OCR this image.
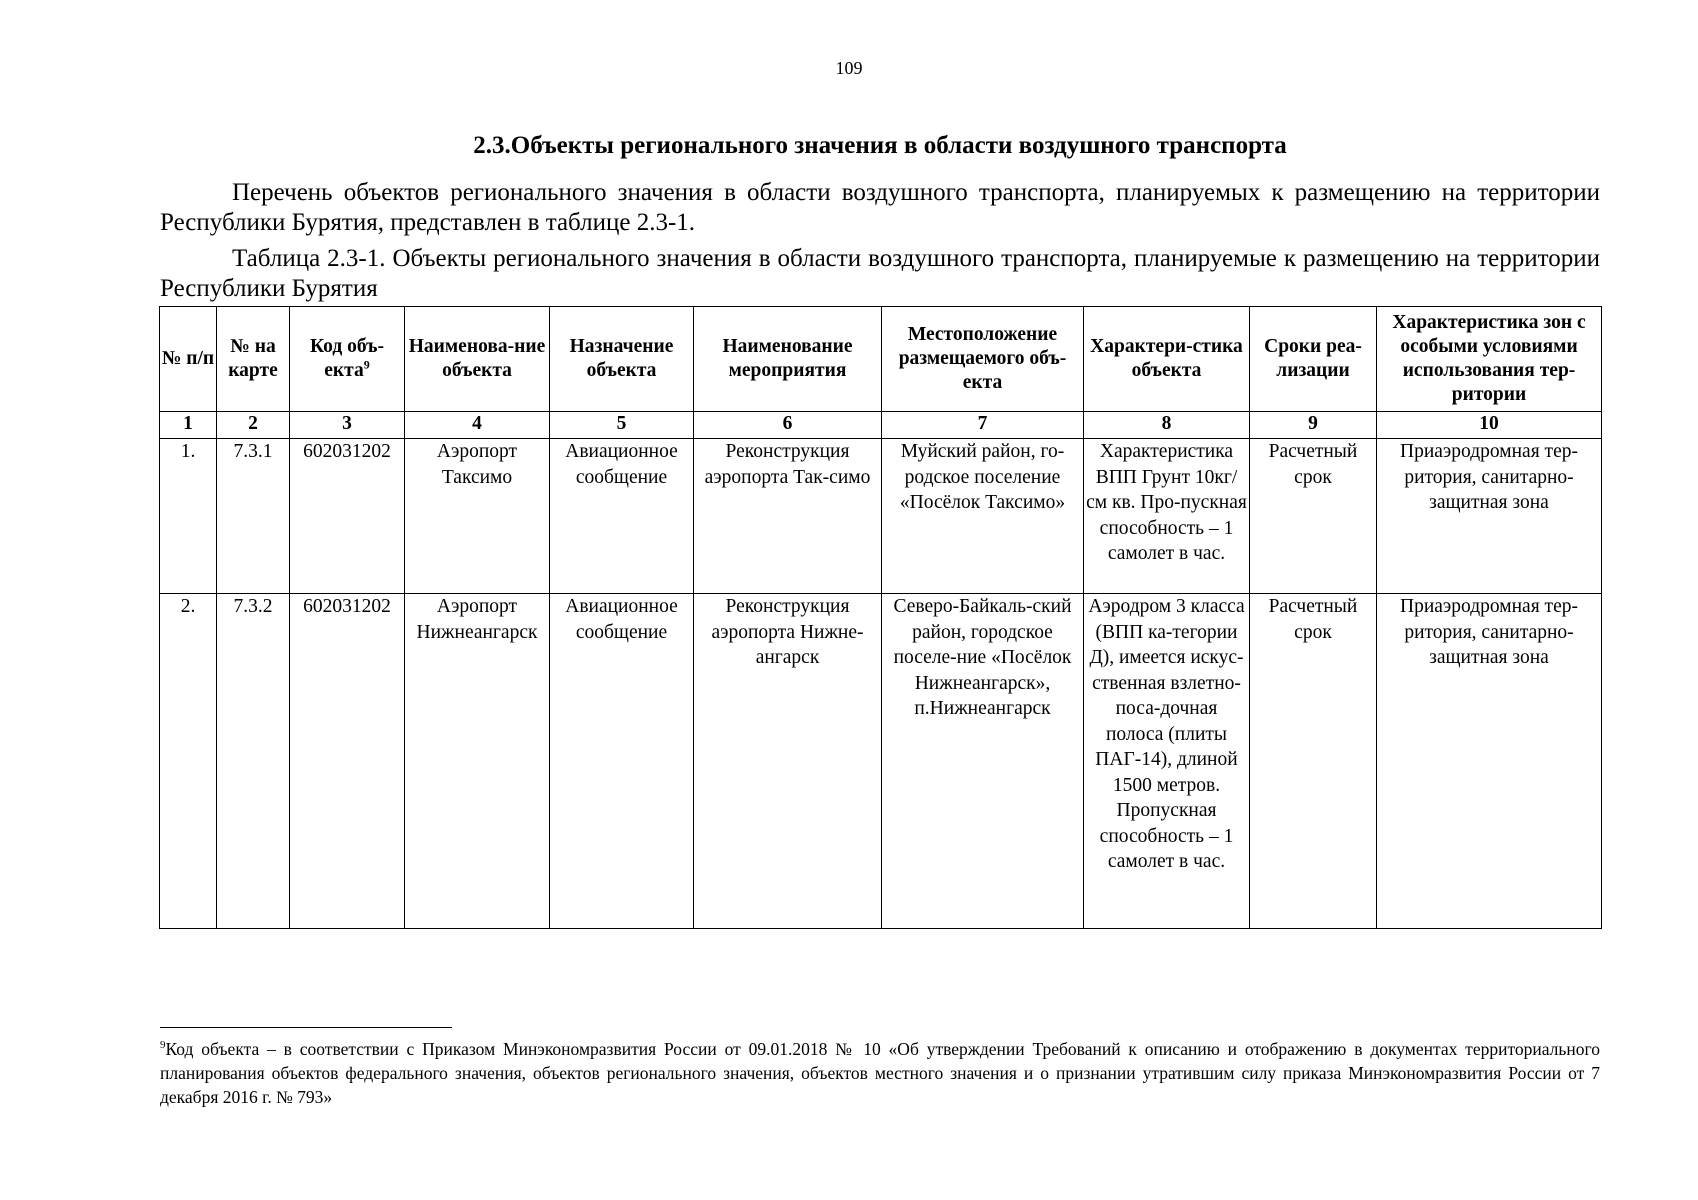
109
2.3.Объекты регионального значения в области воздушного транспорта
Перечень объектов регионального значения в области воздушного транспорта, планируемых к размещению на территории Республики Бурятия, представлен в таблице 2.3-1.
Таблица 2.3-1. Объекты регионального значения в области воздушного транспорта, планируемые к размещению на территории Республики Бурятия
№ п/п	№ на карте	Код объ-екта$^9$	Наименова-ние объекта	Назначение объекта	Наименование мероприятия	Местоположение размещаемого объ-екта	Характери-стика объекта	Сроки реа-лизации	Характеристика зон с особыми условиями использования тер-ритории
1	2	3	4	5	6	7	8	9	10
1.	7.3.1	602031202	Аэропорт Таксимо	Авиационное сообщение	Реконструкция аэропорта Так-симо	Муйский район, го-родское поселение «Посёлок Таксимо»	Характеристика ВПП Грунт 10кг/см кв. Про-пускная способность – 1 самолет в час.	Расчетный срок	Приаэродромная тер-ритория, санитарно-защитная зона
2.	7.3.2	602031202	Аэропорт Нижнеангарск	Авиационное сообщение	Реконструкция аэропорта Нижне-ангарск	Северо-Байкаль-ский район, городское поселе-ние «Посёлок Нижнеангарск», п.Нижнеангарск	Аэродром 3 класса (ВПП ка-тегории Д), имеется искус-ственная взлетно-поса-дочная полоса (плиты ПАГ-14), длиной 1500 метров. Пропускная способность – 1 самолет в час.	Расчетный срок	Приаэродромная тер-ритория, санитарно-защитная зона
$^9$Код объекта – в соответствии с Приказом Минэкономразвития России от 09.01.2018 № 10 «Об утверждении Требований к описанию и отображению в документах территориального планирования объектов федерального значения, объектов регионального значения, объектов местного значения и о признании утратившим силу приказа Минэкономразвития России от 7 декабря 2016 г. № 793»
